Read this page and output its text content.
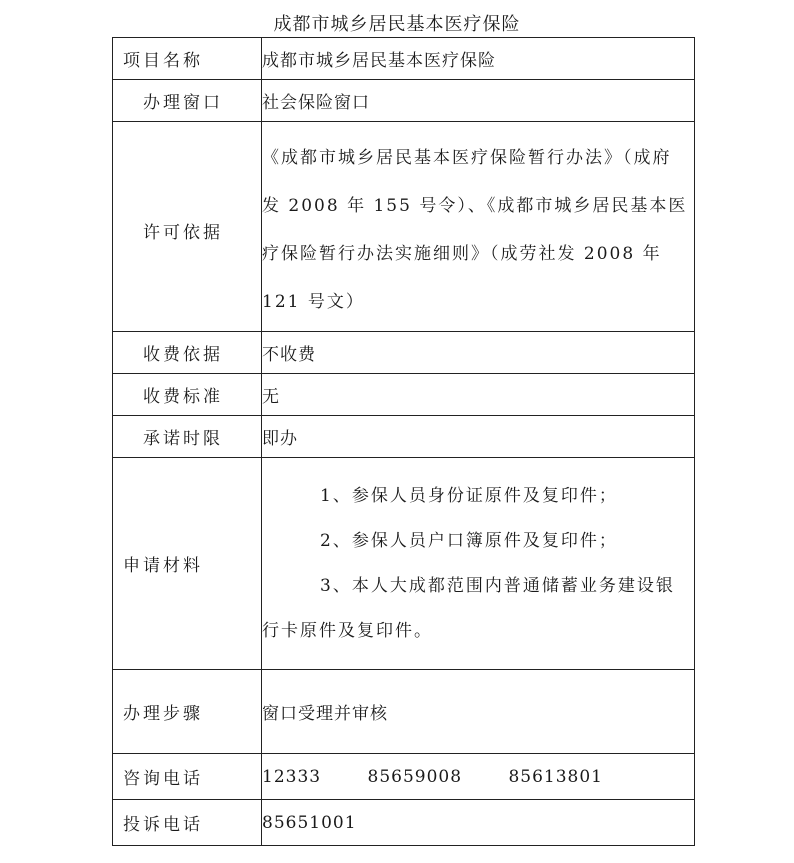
成都市城乡居民基本医疗保险
项目名称	成都市城乡居民基本医疗保险
办理窗口	社会保险窗口

许可依据	《成都市城乡居民基本医疗保险暂行办法》（成府发 2008 年 155 号令）、《成都市城乡居民基本医疗保险暂行办法实施细则》（成劳社发 2008 年 121 号文）

收费依据	不收费
收费标准	无
承诺时限	即办
申请材料	1、参保人员身份证原件及复印件；

2、参保人员户口簿原件及复印件；

3、本人大成都范围内普通储蓄业务建设银行卡原件及复印件。

办理步骤	窗口受理并审核
咨询电话	12333 85659008 85613801
投诉电话	85651001
